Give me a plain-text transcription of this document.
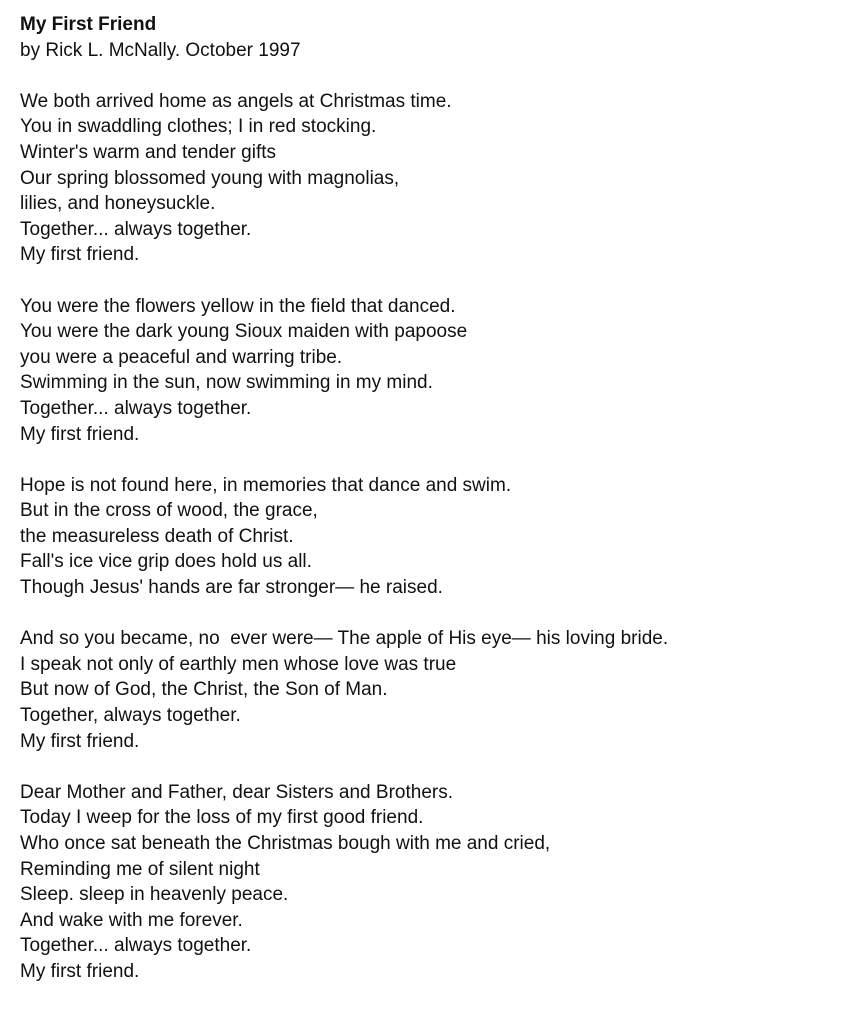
My First Friend
by Rick L. McNally. October 1997
We both arrived home as angels at Christmas time.
You in swaddling clothes; I in red stocking.
Winter's warm and tender gifts
Our spring blossomed young with magnolias,
lilies, and honeysuckle.
Together... always together.
My first friend.
You were the flowers yellow in the field that danced.
You were the dark young Sioux maiden with papoose
you were a peaceful and warring tribe.
Swimming in the sun, now swimming in my mind.
Together... always together.
My first friend.
Hope is not found here, in memories that dance and swim.
But in the cross of wood, the grace,
the measureless death of Christ.
Fall's ice vice grip does hold us all.
Though Jesus' hands are far stronger— he raised.
And so you became, no  ever were— The apple of His eye— his loving bride.
I speak not only of earthly men whose love was true
But now of God, the Christ, the Son of Man.
Together, always together.
My first friend.
Dear Mother and Father, dear Sisters and Brothers.
Today I weep for the loss of my first good friend.
Who once sat beneath the Christmas bough with me and cried,
Reminding me of silent night
Sleep. sleep in heavenly peace.
And wake with me forever.
Together... always together.
My first friend.
